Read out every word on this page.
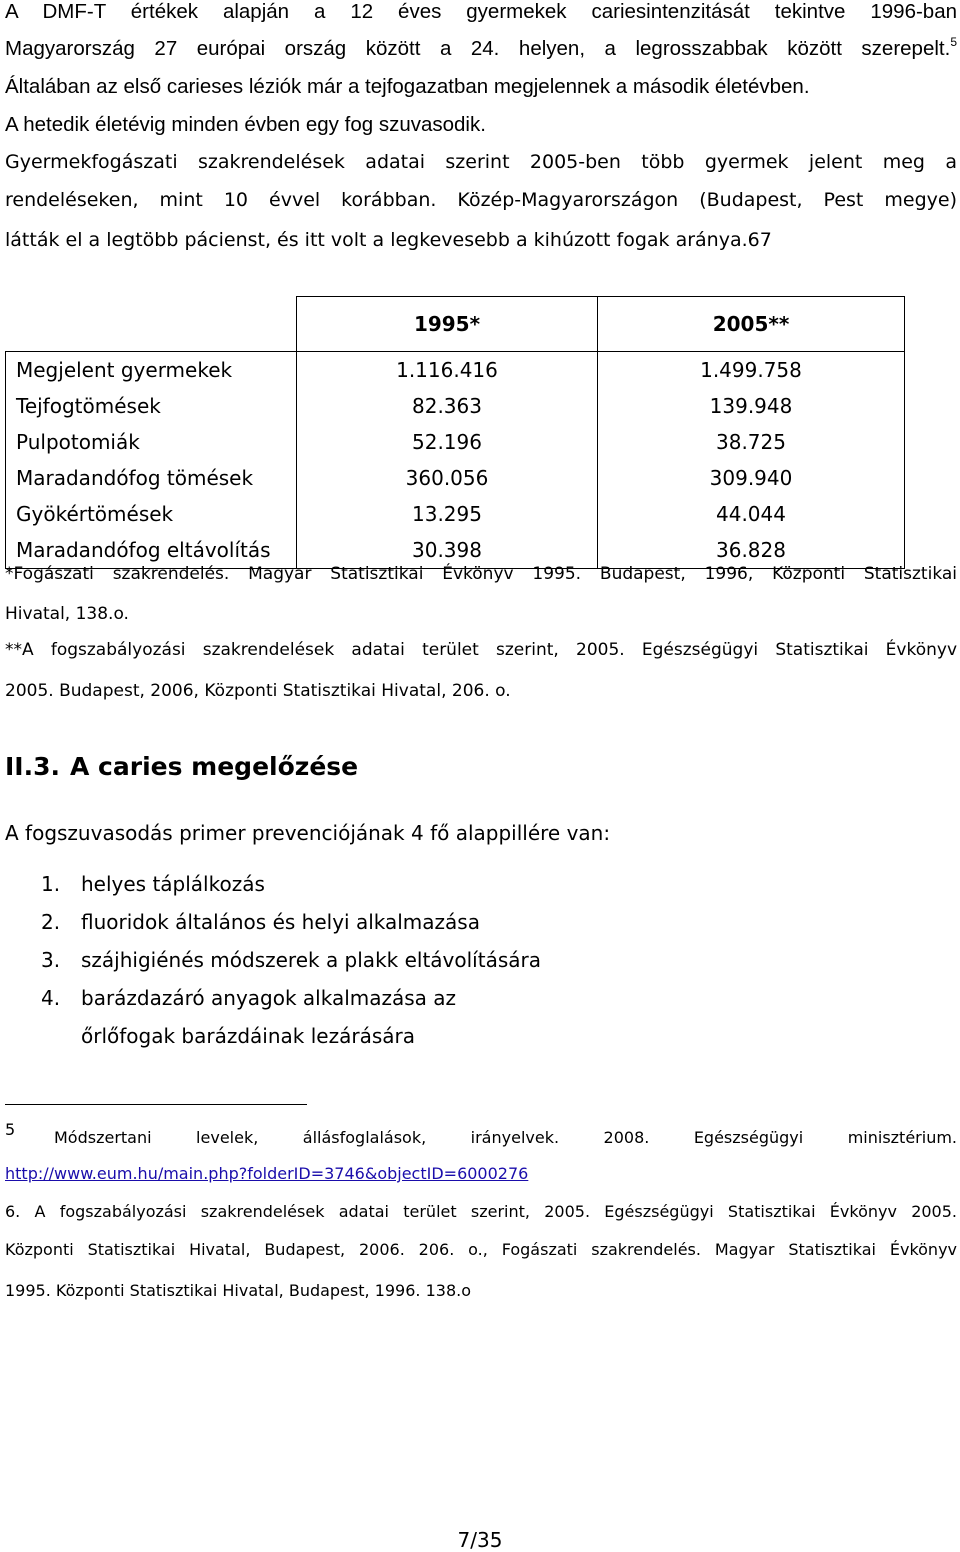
A DMF-T értékek alapján a 12 éves gyermekek cariesintenzitását tekintve 1996-ban
Magyarország 27 európai ország között a 24. helyen, a legrosszabbak között szerepelt.$^5$
Általában az első carieses léziók már a tejfogazatban megjelennek a második életévben.
A hetedik életévig minden évben egy fog szuvasodik.
Gyermekfogászati szakrendelések adatai szerint 2005-ben több gyermek jelent meg a
rendeléseken, mint 10 évvel korábban. Közép-Magyarországon (Budapest, Pest megye)
látták el a legtöbb pácienst, és itt volt a legkevesebb a kihúzott fogak aránya.67
	1995*	2005**
Megjelent gyermekek	1.116.416	1.499.758
Tejfogtömések	82.363	139.948
Pulpotomiák	52.196	38.725
Maradandófog tömések	360.056	309.940
Gyökértömések	13.295	44.044
Maradandófog eltávolítás	30.398	36.828
*Fogászati szakrendelés. Magyar Statisztikai Évkönyv 1995. Budapest, 1996, Központi Statisztikai
Hivatal, 138.o.
**A fogszabályozási szakrendelések adatai terület szerint, 2005. Egészségügyi Statisztikai Évkönyv
2005. Budapest, 2006, Központi Statisztikai Hivatal, 206. o.
II.3. A caries megelőzése
A fogszuvasodás primer prevenciójának 4 fő alappillére van:
1. helyes táplálkozás
2. fluoridok általános és helyi alkalmazása
3. szájhigiénés módszerek a plakk eltávolítására
4. barázdazáró anyagok alkalmazása az
őrlőfogak barázdáinak lezárására
5 Módszertani levelek, állásfoglalások, irányelvek. 2008. Egészségügyi minisztérium.
http://www.eum.hu/main.php?folderID=3746&objectID=6000276
6. A fogszabályozási szakrendelések adatai terület szerint, 2005. Egészségügyi Statisztikai Évkönyv 2005.
Központi Statisztikai Hivatal, Budapest, 2006. 206. o., Fogászati szakrendelés. Magyar Statisztikai Évkönyv
1995. Központi Statisztikai Hivatal, Budapest, 1996. 138.o
7/35
